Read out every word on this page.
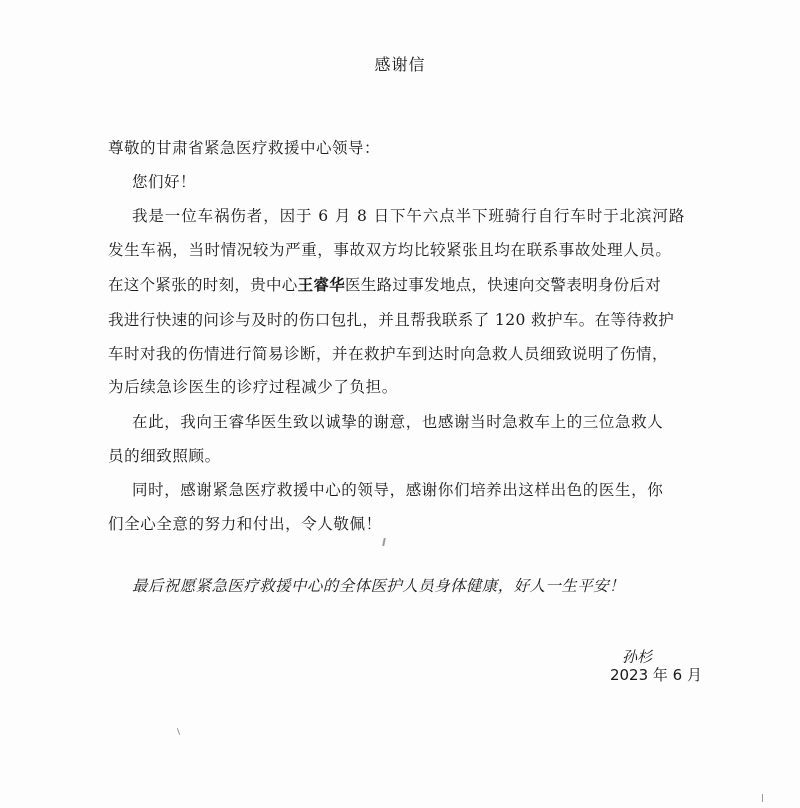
感谢信

尊敬的甘肃省紧急医疗救援中心领导：

您们好！

我是一位车祸伤者，因于 6 月 8 日下午六点半下班骑行自行车时于北滨河路

发生车祸，当时情况较为严重，事故双方均比较紧张且均在联系事故处理人员。

在这个紧张的时刻，贵中心王睿华医生路过事发地点，快速向交警表明身份后对

我进行快速的问诊与及时的伤口包扎，并且帮我联系了 120 救护车。在等待救护

车时对我的伤情进行简易诊断，并在救护车到达时向急救人员细致说明了伤情，

为后续急诊医生的诊疗过程减少了负担。

在此，我向王睿华医生致以诚挚的谢意，也感谢当时急救车上的三位急救人

员的细致照顾。

同时，感谢紧急医疗救援中心的领导，感谢你们培养出这样出色的医生，你

们全心全意的努力和付出，令人敬佩！

最后祝愿紧急医疗救援中心的全体医护人员身体健康，好人一生平安！

孙杉

2023 年 6 月
